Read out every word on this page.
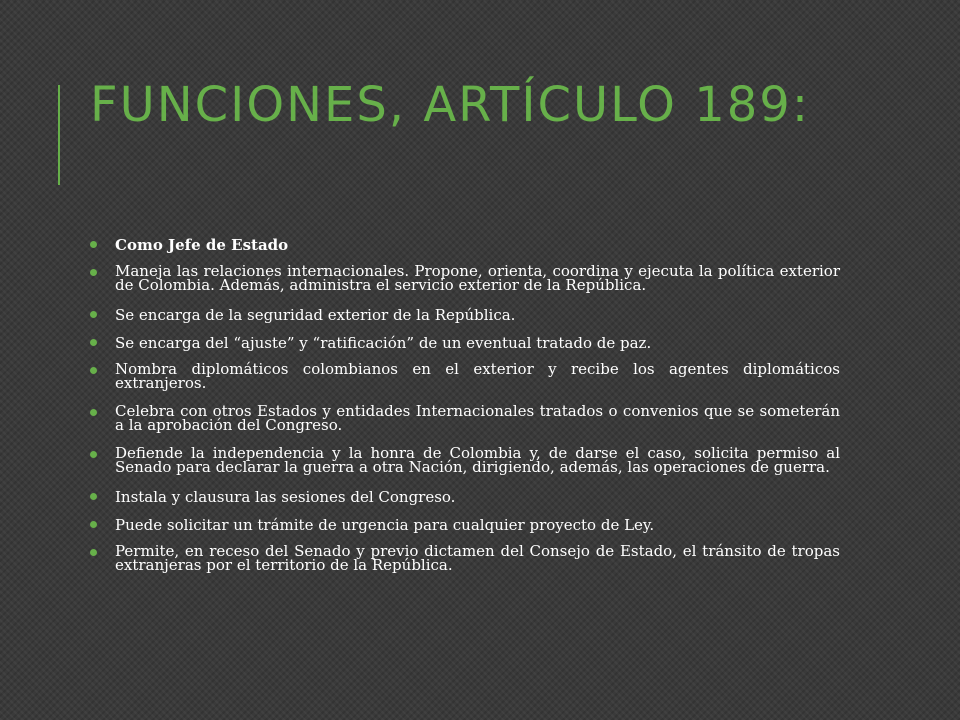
FUNCIONES, ARTÍCULO 189:
Como Jefe de Estado
Maneja las relaciones internacionales. Propone, orienta, coordina y ejecuta la política exterior de Colombia. Además, administra el servicio exterior de la República.
Se encarga de la seguridad exterior de la República.
Se encarga del “ajuste” y “ratificación” de un eventual tratado de paz.
Nombra diplomáticos colombianos en el exterior y recibe los agentes diplomáticos extranjeros.
Celebra con otros Estados y entidades Internacionales tratados o convenios que se someterán a la aprobación del Congreso.
Defiende la independencia y la honra de Colombia y, de darse el caso, solicita permiso al Senado para declarar la guerra a otra Nación, dirigiendo, además, las operaciones de guerra.
Instala y clausura las sesiones del Congreso.
Puede solicitar un trámite de urgencia para cualquier proyecto de Ley.
Permite, en receso del Senado y previo dictamen del Consejo de Estado, el tránsito de tropas extranjeras por el territorio de la República.
